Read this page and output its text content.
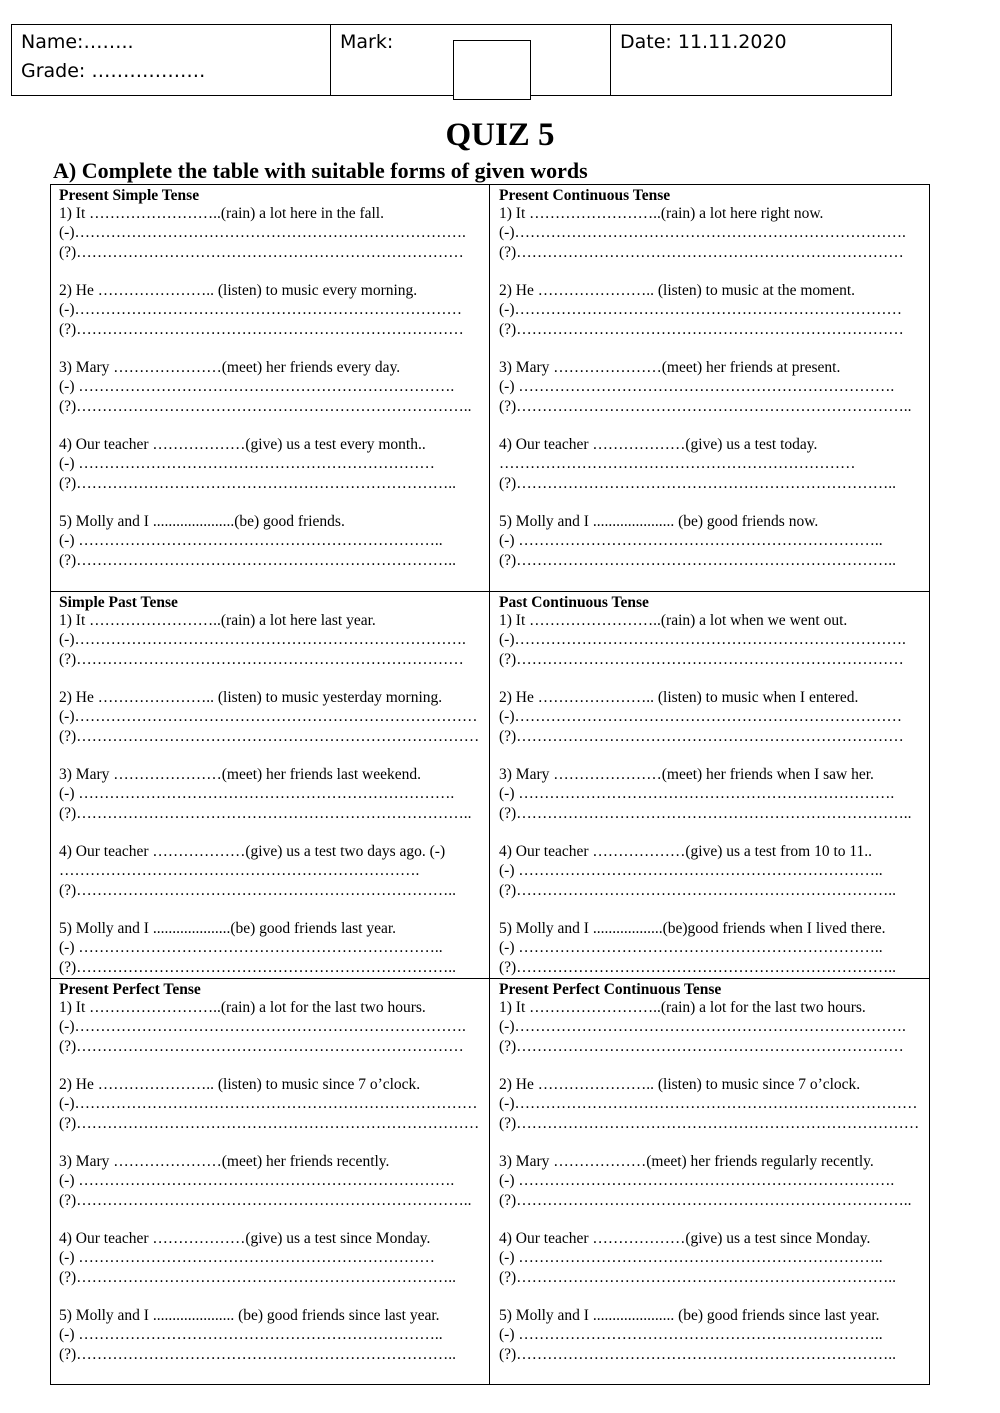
Name:……..
Grade: ………………
Mark:	Date: 11.11.2020
QUIZ 5
A) Complete the table with suitable forms of given words
Present Simple Tense
1) It ……………………..(rain) a lot here in the fall.
(-)………………………………………………………………….
(?)…………………………………………………………………
2) He ………………….. (listen) to music every morning.
(-)…………………………………………………………………
(?)…………………………………………………………………
3) Mary …………………(meet) her friends every day.
(-) ……………………………………………………………….
(?)…………………………………………………………………..
4) Our teacher ………………(give) us a test every month..
(-) ……………………………………………………………
(?)………………………………………………………………..
5) Molly and I .....................(be) good friends.
(-) ……………………………………………………………..
(?)………………………………………………………………..
Present Continuous Tense
1) It ……………………..(rain) a lot here right now.
(-)………………………………………………………………….
(?)…………………………………………………………………
2) He ………………….. (listen) to music at the moment.
(-)…………………………………………………………………
(?)…………………………………………………………………
3) Mary …………………(meet) her friends at present.
(-) ……………………………………………………………….
(?)…………………………………………………………………..
4) Our teacher ………………(give) us a test today.
……………………………………………………………
(?)………………………………………………………………..
5) Molly and I ..................... (be) good friends now.
(-) ……………………………………………………………..
(?)………………………………………………………………..
Simple Past Tense
1) It ……………………..(rain) a lot here last year.
(-)………………………………………………………………….
(?)…………………………………………………………………
2) He ………………….. (listen) to music yesterday morning.
(-)……………………………………………………………………
(?)……………………………………………………………………
3) Mary …………………(meet) her friends last weekend.
(-) ……………………………………………………………….
(?)…………………………………………………………………..
4) Our teacher ………………(give) us a test two days ago. (-)
…………………………………………………………….
(?)………………………………………………………………..
5) Molly and I ....................(be) good friends last year.
(-) ……………………………………………………………..
(?)………………………………………………………………..
Past Continuous Tense
1) It ……………………..(rain) a lot when we went out.
(-)………………………………………………………………….
(?)…………………………………………………………………
2) He ………………….. (listen) to music when I entered.
(-)…………………………………………………………………
(?)…………………………………………………………………
3) Mary …………………(meet) her friends when I saw her.
(-) ……………………………………………………………….
(?)…………………………………………………………………..
4) Our teacher ………………(give) us a test from 10 to 11..
(-) ……………………………………………………………..
(?)………………………………………………………………..
5) Molly and I ..................(be)good friends when I lived there.
(-) ……………………………………………………………..
(?)………………………………………………………………..
Present Perfect Tense
1) It ……………………..(rain) a lot for the last two hours.
(-)………………………………………………………………….
(?)…………………………………………………………………
2) He ………………….. (listen) to music since 7 o’clock.
(-)……………………………………………………………………
(?)……………………………………………………………………
3) Mary …………………(meet) her friends recently.
(-) ……………………………………………………………….
(?)…………………………………………………………………..
4) Our teacher ………………(give) us a test since Monday.
(-) ……………………………………………………………
(?)………………………………………………………………..
5) Molly and I ..................... (be) good friends since last year.
(-) ……………………………………………………………..
(?)………………………………………………………………..
Present Perfect Continuous Tense
1) It ……………………..(rain) a lot for the last two hours.
(-)………………………………………………………………….
(?)…………………………………………………………………
2) He ………………….. (listen) to music since 7 o’clock.
(-)……………………………………………………………………
(?)……………………………………………………………………
3) Mary ………………(meet) her friends regularly recently.
(-) ……………………………………………………………….
(?)…………………………………………………………………..
4) Our teacher ………………(give) us a test since Monday.
(-) ……………………………………………………………..
(?)………………………………………………………………..
5) Molly and I ..................... (be) good friends since last year.
(-) ……………………………………………………………..
(?)………………………………………………………………..
